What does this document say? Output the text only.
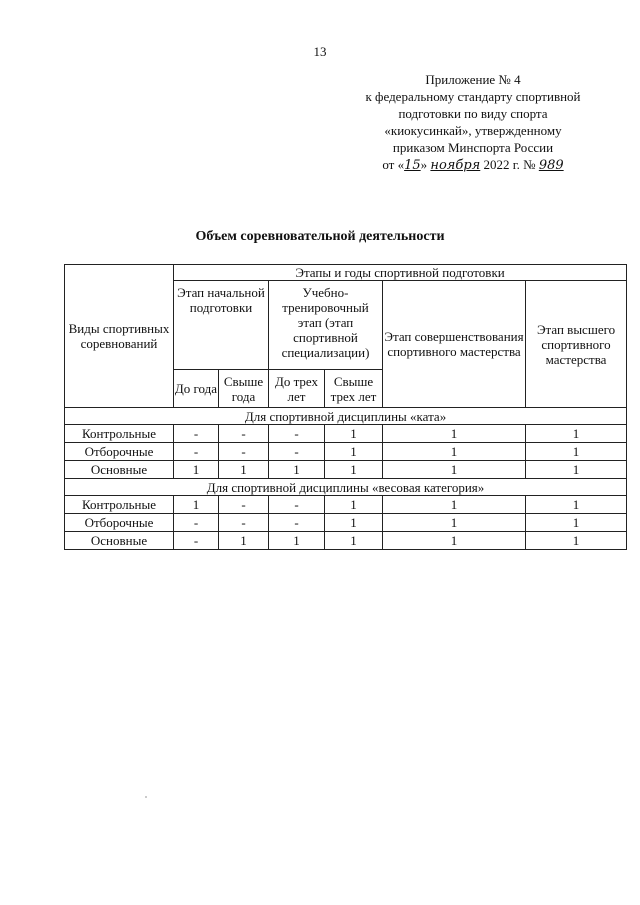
13
Приложение № 4
к федеральному стандарту спортивной
подготовки по виду спорта
«киокусинкай», утвержденному
приказом Минспорта России
от «15» ноября 2022 г. № 989
Объем соревновательной деятельности
Виды спортивных соревнований	Этапы и годы спортивной подготовки					
	Этап начальной подготовки		Учебно-тренировочный этап (этап спортивной специализации)		Этап совершенствования спортивного мастерства	Этап высшего спортивного мастерства
	До года	Свыше года	До трех лет	Свыше трех лет		
Для спортивной дисциплины «ката»						
Контрольные	-	-	-	1	1	1
Отборочные	-	-	-	1	1	1
Основные	1	1	1	1	1	1
Для спортивной дисциплины «весовая категория»						
Контрольные	1	-	-	1	1	1
Отборочные	-	-	-	1	1	1
Основные	-	1	1	1	1	1
